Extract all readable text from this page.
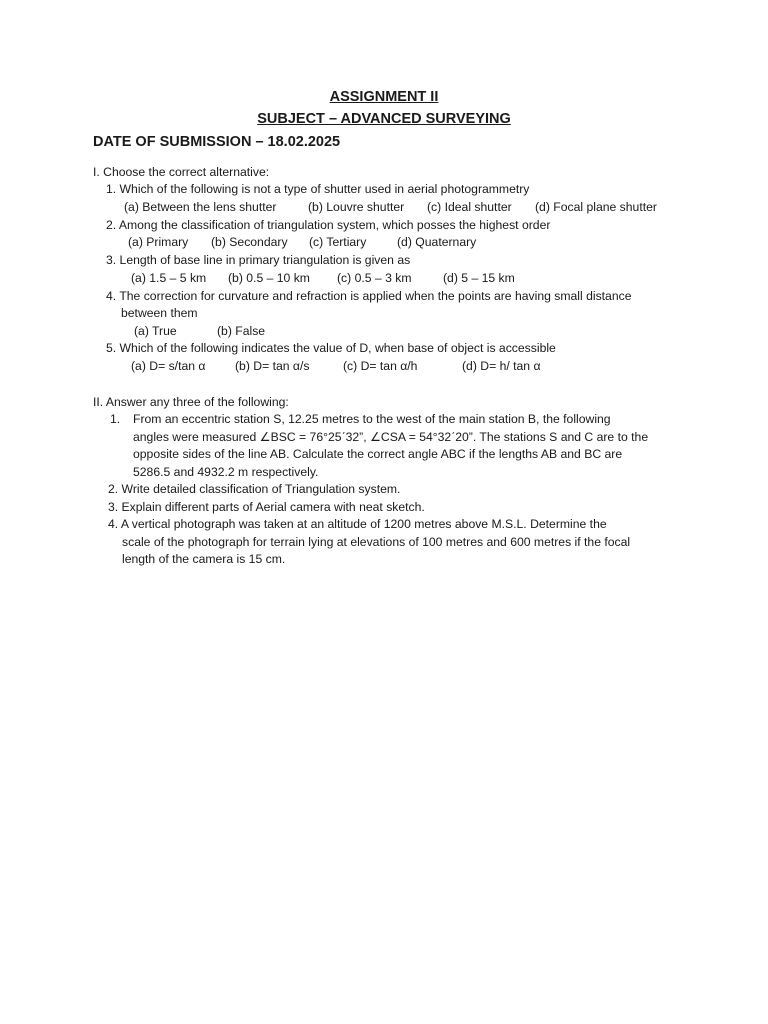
ASSIGNMENT II
SUBJECT – ADVANCED SURVEYING
DATE OF SUBMISSION – 18.02.2025
I. Choose the correct alternative:
1. Which of the following is not a type of shutter used in aerial photogrammetry
(a) Between the lens shutter	(b) Louvre shutter (c) Ideal shutter (d) Focal plane shutter
2. Among the classification of triangulation system, which posses the highest order
(a) Primary (b) Secondary (c) Tertiary	(d) Quaternary
3. Length of base line in primary triangulation is given as
(a) 1.5 – 5 km (b) 0.5 – 10 km (c) 0.5 – 3 km	(d) 5 – 15 km
4. The correction for curvature and refraction is applied when the points are having small distance
between them
(a) True	(b) False
5. Which of the following indicates the value of D, when base of object is accessible
(a) D= s/tan α (b) D= tan α/s	(c) D= tan α/h	(d) D= h/ tan α
II. Answer any three of the following:
1. From an eccentric station S, 12.25 metres to the west of the main station B, the following
angles were measured ∠BSC = 76°25ˊ32”, ∠CSA = 54°32ˊ20”. The stations S and C are to the
opposite sides of the line AB. Calculate the correct angle ABC if the lengths AB and BC are
5286.5 and 4932.2 m respectively.
2. Write detailed classification of Triangulation system.
3. Explain different parts of Aerial camera with neat sketch.
4. A vertical photograph was taken at an altitude of 1200 metres above M.S.L. Determine the
scale of the photograph for terrain lying at elevations of 100 metres and 600 metres if the focal
length of the camera is 15 cm.
